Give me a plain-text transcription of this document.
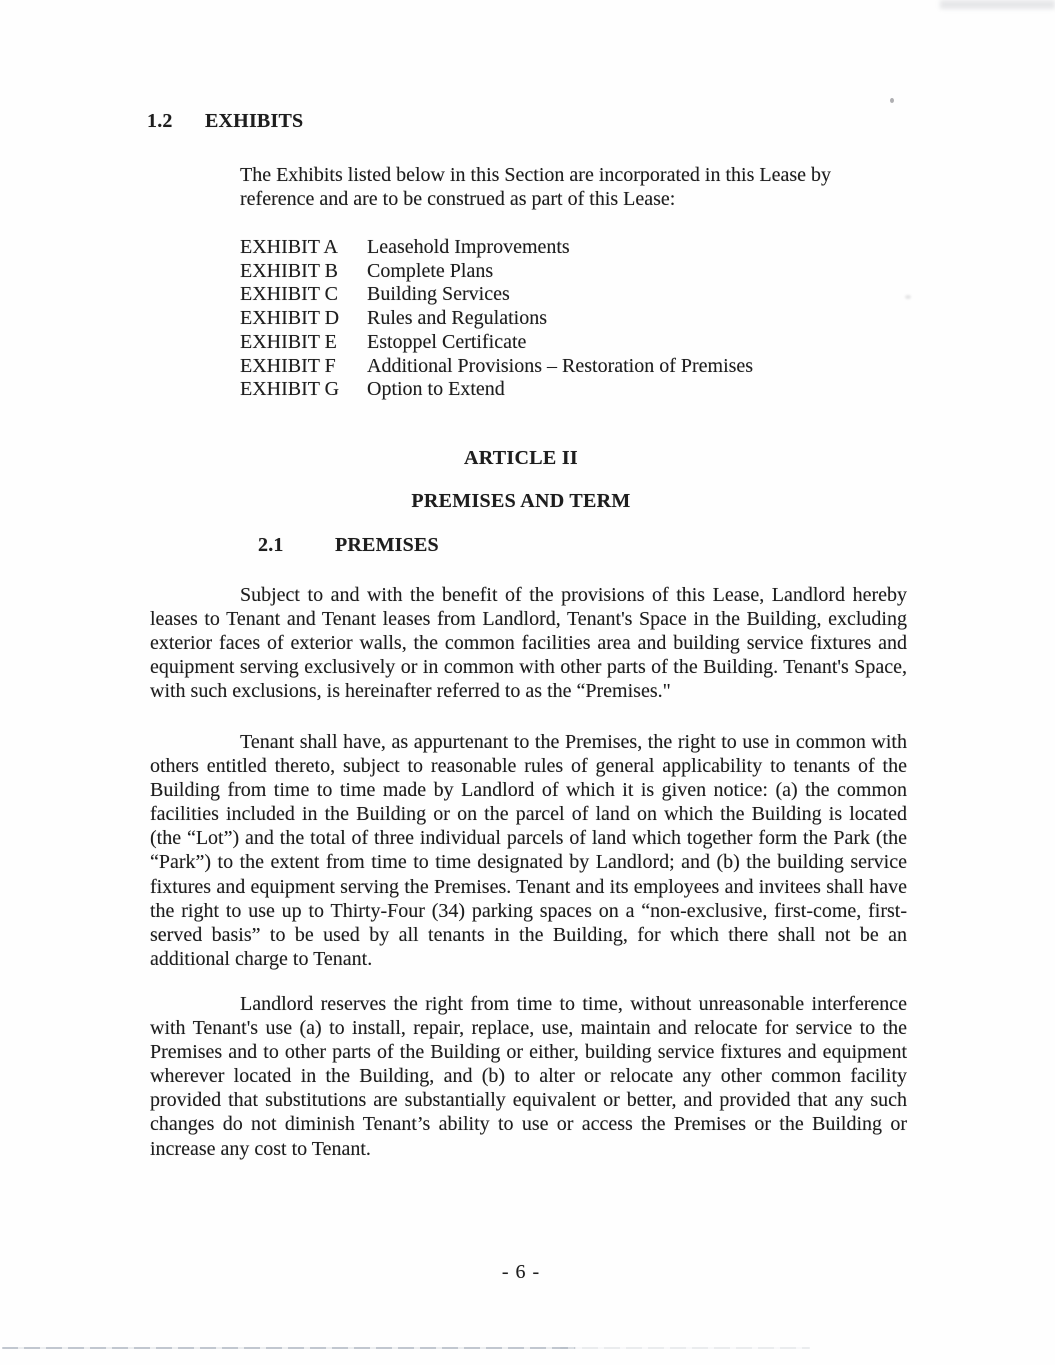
1.2 EXHIBITS

The Exhibits listed below in this Section are incorporated in this Lease by reference and are to be construed as part of this Lease:

EXHIBIT A	Leasehold Improvements
EXHIBIT B	Complete Plans
EXHIBIT C	Building Services
EXHIBIT D	Rules and Regulations
EXHIBIT E	Estoppel Certificate
EXHIBIT F	Additional Provisions – Restoration of Premises
EXHIBIT G	Option to Extend
ARTICLE II
PREMISES AND TERM
2.1	PREMISES

Subject to and with the benefit of the provisions of this Lease, Landlord hereby leases to Tenant and Tenant leases from Landlord, Tenant's Space in the Building, excluding exterior faces of exterior walls, the common facilities area and building service fixtures and equipment serving exclusively or in common with other parts of the Building. Tenant's Space, with such exclusions, is hereinafter referred to as the “Premises."

Tenant shall have, as appurtenant to the Premises, the right to use in common with others entitled thereto, subject to reasonable rules of general applicability to tenants of the Building from time to time made by Landlord of which it is given notice: (a) the common facilities included in the Building or on the parcel of land on which the Building is located (the “Lot”) and the total of three individual parcels of land which together form the Park (the “Park”) to the extent from time to time designated by Landlord; and (b) the building service fixtures and equipment serving the Premises. Tenant and its employees and invitees shall have the right to use up to Thirty-Four (34) parking spaces on a “non-exclusive, first-come, first-served basis” to be used by all tenants in the Building, for which there shall not be an additional charge to Tenant.

Landlord reserves the right from time to time, without unreasonable interference with Tenant's use (a) to install, repair, replace, use, maintain and relocate for service to the Premises and to other parts of the Building or either, building service fixtures and equipment wherever located in the Building, and (b) to alter or relocate any other common facility provided that substitutions are substantially equivalent or better, and provided that any such changes do not diminish Tenant’s ability to use or access the Premises or the Building or increase any cost to Tenant.

- 6 -
